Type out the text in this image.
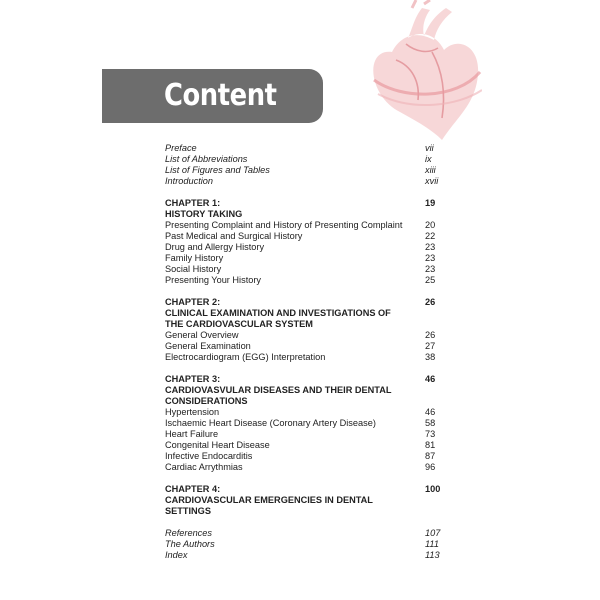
Content
Preface	vii
List of Abbreviations	ix
List of Figures and Tables	xiii
Introduction	xvii
CHAPTER 1:	19
HISTORY TAKING
Presenting Complaint and History of Presenting Complaint	20
Past Medical and Surgical History	22
Drug and Allergy History	23
Family History	23
Social History	23
Presenting Your History	25
CHAPTER 2:	26
CLINICAL EXAMINATION AND INVESTIGATIONS OF THE CARDIOVASCULAR SYSTEM
General Overview	26
General Examination	27
Electrocardiogram (EGG) Interpretation	38
CHAPTER 3:	46
CARDIOVASVULAR DISEASES AND THEIR DENTAL CONSIDERATIONS
Hypertension	46
Ischaemic Heart Disease (Coronary Artery Disease)	58
Heart Failure	73
Congenital Heart Disease	81
Infective Endocarditis	87
Cardiac Arrythmias	96
CHAPTER 4:	100
CARDIOVASCULAR EMERGENCIES IN DENTAL SETTINGS
References	107
The Authors	111
Index	113
